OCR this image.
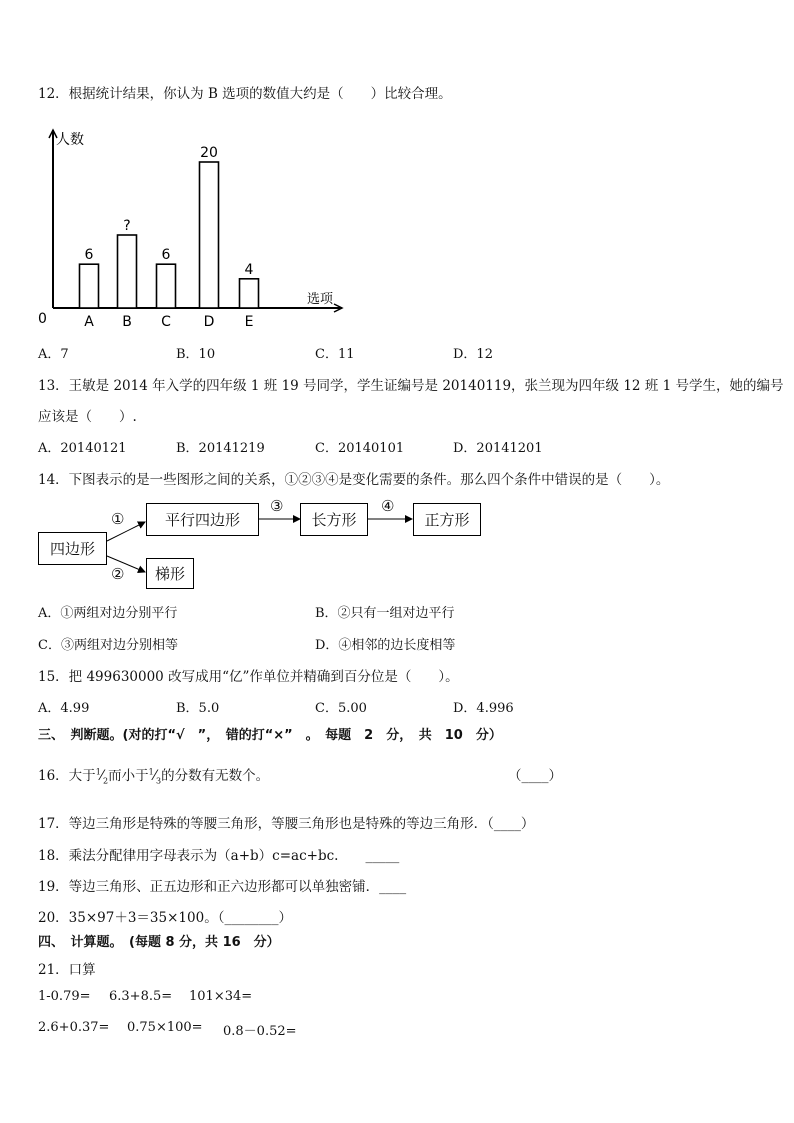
12．根据统计结果，你认为 B 选项的数值大约是（　　）比较合理。
人数
选项
0
6
A
?
B
6
C
20
D
4
E
A．7	B．10	C．11	D．12
13．王敏是 2014 年入学的四年级 1 班 19 号同学，学生证编号是 20140119，张兰现为四年级 12 班 1 号学生，她的编号
应该是（　　）.
A．20140121	B．20141219	C．20140101	D．20141201
14．下图表示的是一些图形之间的关系，①②③④是变化需要的条件。那么四个条件中错误的是（　　）。
四边形
平行四边形	长方形	正方形
梯形
①
②
③	④
A．①两组对边分别平行	B．②只有一组对边平行
C．③两组对边分别相等	D．④相邻的边长度相等
15．把 499630000 改写成用“亿”作单位并精确到百分位是（　　）。
A．4.99	B．5.0	C．5.00	D．4.996
三、　判断题。(对的打“√　”，　错的打“×”　。　每题　2　分，　共　10　分）
16．大于$^1⁄_2$而小于$^1⁄_3$的分数有无数个。	（____）
17．等边三角形是特殊的等腰三角形，等腰三角形也是特殊的等边三角形．（____）
18．乘法分配律用字母表示为（a+b）c=ac+bc.　　_____
19．等边三角形、正五边形和正六边形都可以单独密铺．____
20．35×97＋3＝35×100。（________）
四、　计算题。　(每题 8 分，共 16　分）
21．口算
1-0.79= 6.3+8.5= 101×34=
2.6+0.37= 0.75×100= 0.8－0.52=
